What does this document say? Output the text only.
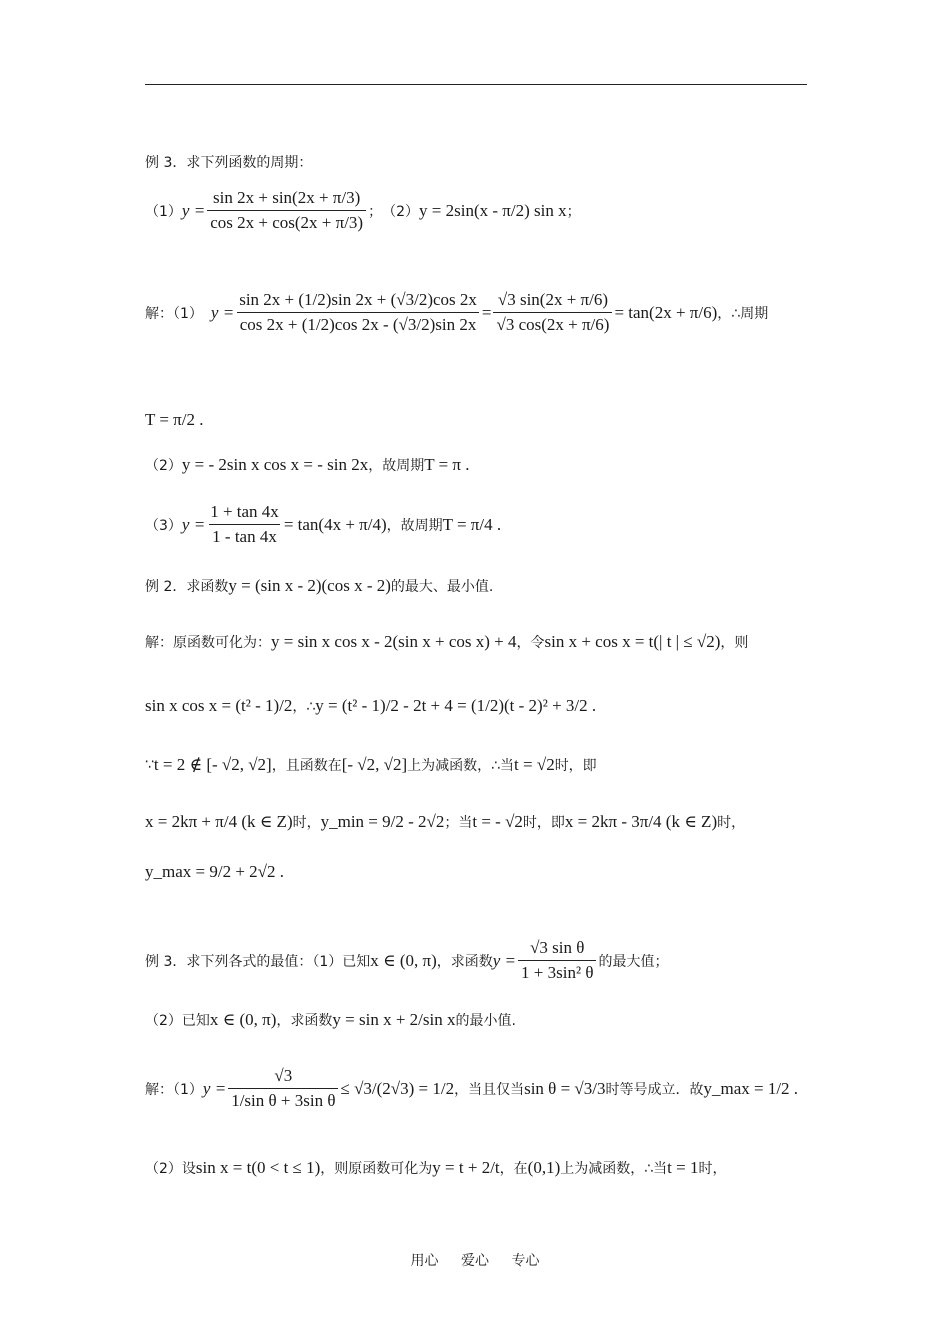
例 3．求下列函数的周期：
（1） $y = \frac{\sin 2x + \sin(2x + \pi/3)}{\cos 2x + \cos(2x + \pi/3)}$ ； （2） y = 2sin(x - π/2) sin x ；
解：（1） $y = \frac{\sin 2x + (1/2)\sin 2x + (√3/2)\cos 2x}{\cos 2x + (1/2)\cos 2x - (√3/2)\sin 2x} = \frac{√3 \sin(2x + \pi/6)}{√3 \cos(2x + \pi/6)} = \tan(2x + \pi/6)$ ，∴周期
T = π/2 .
（2） y = - 2sin x cos x = - sin 2x ，故周期 T = π .
（3） $y = \frac{1 + \tan 4x}{1 - \tan 4x} = \tan(4x + \pi/4)$ ，故周期 T = π/4 .
例 2．求函数 y = (sin x - 2)(cos x - 2) 的最大、最小值.
解：原函数可化为： y = sin x cos x - 2(sin x + cos x) + 4 ，令 sin x + cos x = t(| t | ≤ √2) ，则
sin x cos x = (t² - 1)/2 ，∴ y = (t² - 1)/2 - 2t + 4 = (1/2)(t - 2)² + 3/2 .
∵ t = 2 ∉ [- √2, √2] ，且函数在 [- √2, √2] 上为减函数，∴当 t = √2 时，即
x = 2kπ + π/4 (k ∈ Z) 时， y_min = 9/2 - 2√2 ；当 t = - √2 时，即 x = 2kπ - 3π/4 (k ∈ Z) 时，
y_max = 9/2 + 2√2 .
例 3．求下列各式的最值：（1）已知 x ∈ (0, π) ，求函数 $y = \frac{\text{√3 sin θ}}{\text{1 + 3sin² θ}}$ 的最大值；
（2）已知 x ∈ (0, π) ，求函数 y = sin x + 2/sin x 的最小值.
解：（1） $y = \frac{√3}{\text{1/sin θ + 3sin θ}} \le √3/(2√3) = 1/2$ ，当且仅当 sin θ = √3/3 时等号成立．故 y_max = 1/2 .
（2）设 sin x = t(0 < t ≤ 1) ，则原函数可化为 y = t + 2/t ，在 (0,1) 上为减函数，∴当 t = 1 时，
用心 爱心 专心
